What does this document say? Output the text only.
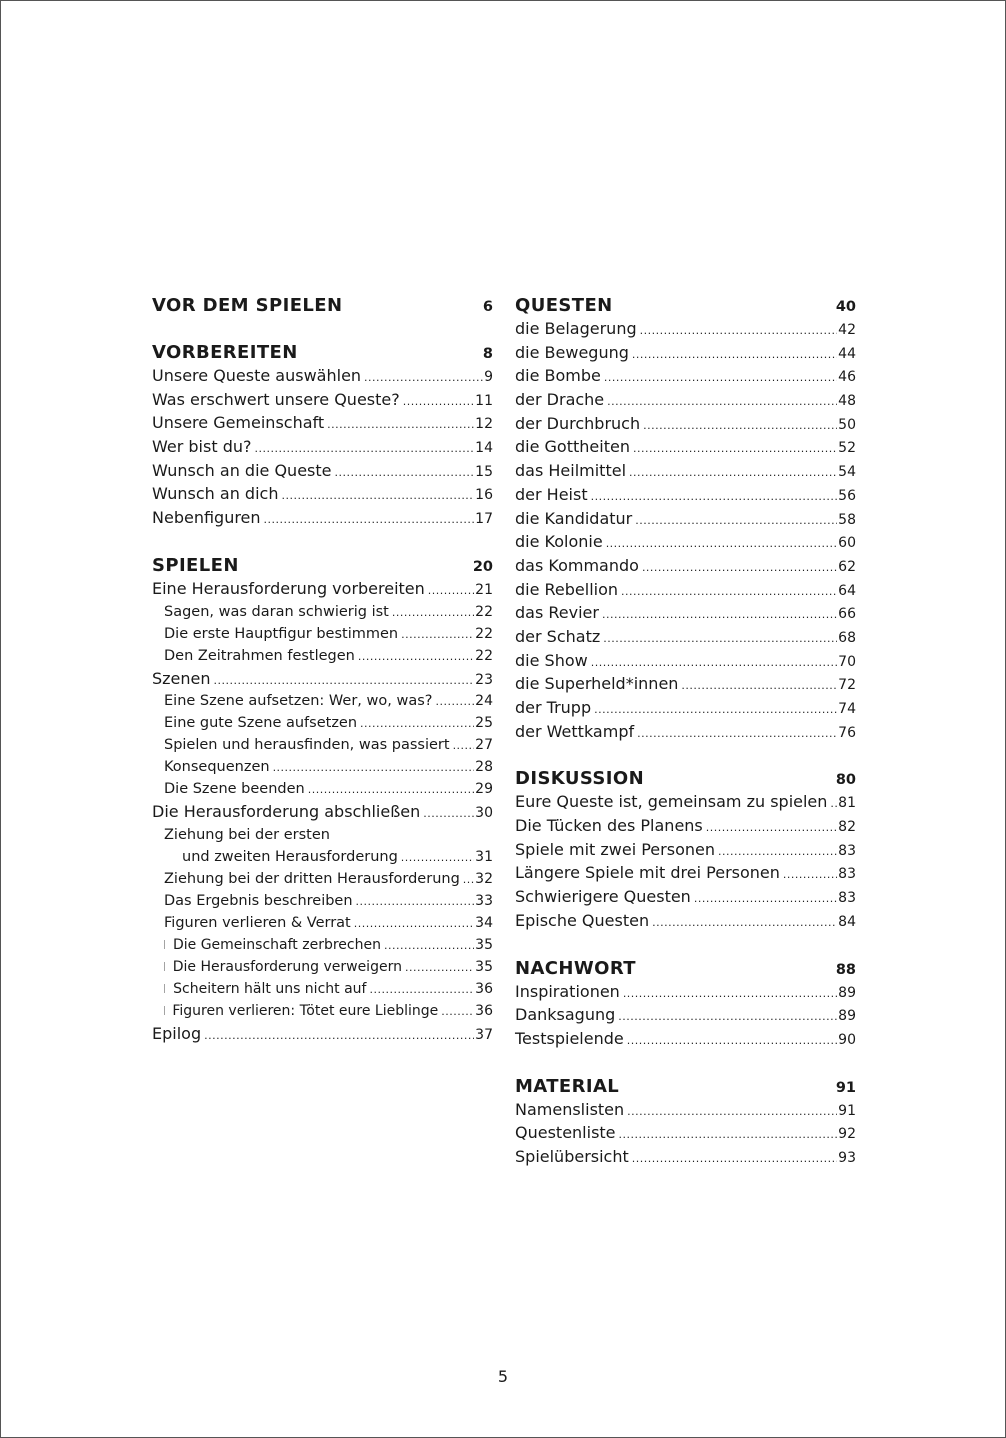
VOR DEM SPIELEN	6
VORBEREITEN	8
Unsere Queste auswählen .....	9
Was erschwert unsere Queste? .....	11
Unsere Gemeinschaft .....	12
Wer bist du? .....	14
Wunsch an die Queste .....	15
Wunsch an dich .....	16
Nebenfiguren .....	17
SPIELEN	20
Eine Herausforderung vorbereiten .....	21
Sagen, was daran schwierig ist .....	22
Die erste Hauptfigur bestimmen .....	22
Den Zeitrahmen festlegen .....	22
Szenen .....	23
Eine Szene aufsetzen: Wer, wo, was? .....	24
Eine gute Szene aufsetzen .....	25
Spielen und herausfinden, was passiert ..... 27
Konsequenzen .....	28
Die Szene beenden .....	29
Die Herausforderung abschließen .....	30
Ziehung bei der ersten
und zweiten Herausforderung .....	31
Ziehung bei der dritten Herausforderung ..... 32
Das Ergebnis beschreiben .....	33
Figuren verlieren & Verrat .....	34
Die Gemeinschaft zerbrechen .....	35
Die Herausforderung verweigern .....	35
Scheitern hält uns nicht auf .....	36
Figuren verlieren: Tötet eure Lieblinge .....	36
Epilog .....	37
QUESTEN	40
die Belagerung .....	42
die Bewegung .....	44
die Bombe .....	46
der Drache .....	48
der Durchbruch .....	50
die Gottheiten .....	52
das Heilmittel .....	54
der Heist .....	56
die Kandidatur .....	58
die Kolonie .....	60
das Kommando .....	62
die Rebellion .....	64
das Revier .....	66
der Schatz .....	68
die Show .....	70
die Superheld*innen .....	72
der Trupp .....	74
der Wettkampf .....	76
DISKUSSION	80
Eure Queste ist, gemeinsam zu spielen ..... 81
Die Tücken des Planens .....	82
Spiele mit zwei Personen .....	83
Längere Spiele mit drei Personen .....	83
Schwierigere Questen .....	83
Epische Questen .....	84
NACHWORT	88
Inspirationen .....	89
Danksagung .....	89
Testspielende .....	90
MATERIAL	91
Namenslisten .....	91
Questenliste .....	92
Spielübersicht .....	93
5
